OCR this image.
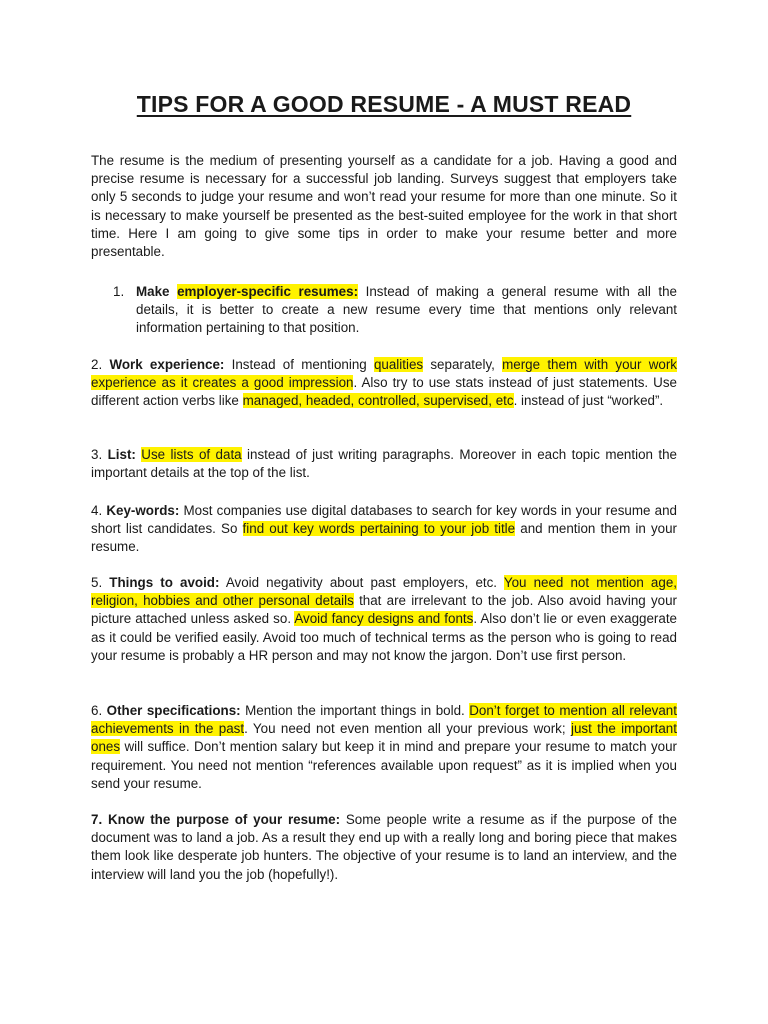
TIPS FOR A GOOD RESUME - A MUST READ

The resume is the medium of presenting yourself as a candidate for a job. Having a good and precise resume is necessary for a successful job landing. Surveys suggest that employers take only 5 seconds to judge your resume and won’t read your resume for more than one minute. So it is necessary to make yourself be presented as the best-suited employee for the work in that short time. Here I am going to give some tips in order to make your resume better and more presentable.

1. Make employer-specific resumes: Instead of making a general resume with all the details, it is better to create a new resume every time that mentions only relevant information pertaining to that position.

2. Work experience: Instead of mentioning qualities separately, merge them with your work experience as it creates a good impression. Also try to use stats instead of just statements. Use different action verbs like managed, headed, controlled, supervised, etc. instead of just “worked”.

3. List: Use lists of data instead of just writing paragraphs. Moreover in each topic mention the important details at the top of the list.

4. Key-words: Most companies use digital databases to search for key words in your resume and short list candidates. So find out key words pertaining to your job title and mention them in your resume.

5. Things to avoid: Avoid negativity about past employers, etc. You need not mention age, religion, hobbies and other personal details that are irrelevant to the job. Also avoid having your picture attached unless asked so. Avoid fancy designs and fonts. Also don’t lie or even exaggerate as it could be verified easily. Avoid too much of technical terms as the person who is going to read your resume is probably a HR person and may not know the jargon. Don’t use first person.

6. Other specifications: Mention the important things in bold. Don’t forget to mention all relevant achievements in the past. You need not even mention all your previous work; just the important ones will suffice. Don’t mention salary but keep it in mind and prepare your resume to match your requirement. You need not mention “references available upon request” as it is implied when you send your resume.

7. Know the purpose of your resume: Some people write a resume as if the purpose of the document was to land a job. As a result they end up with a really long and boring piece that makes them look like desperate job hunters. The objective of your resume is to land an interview, and the interview will land you the job (hopefully!).
